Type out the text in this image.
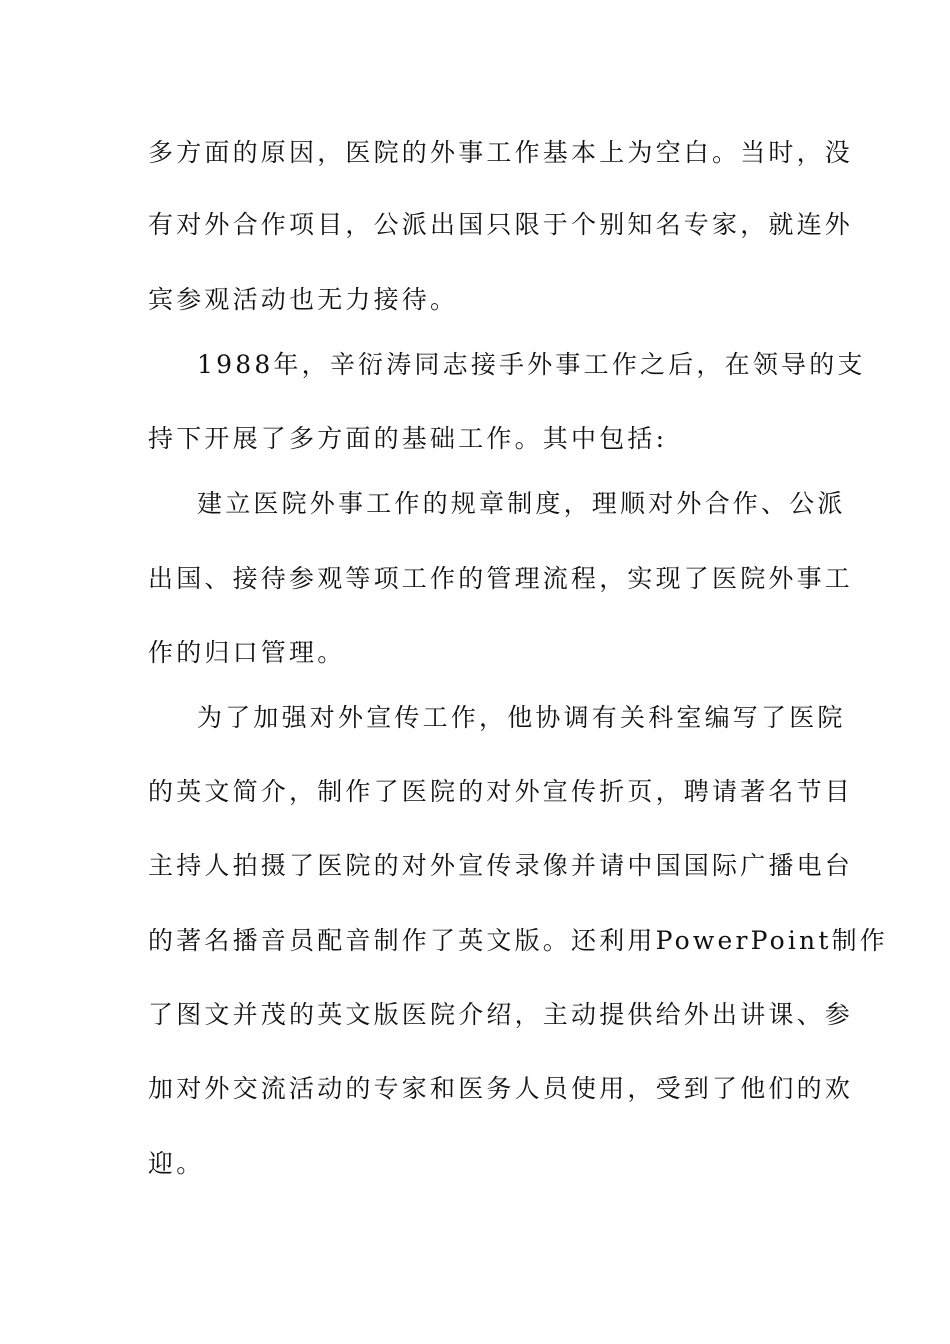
多方面的原因，医院的外事工作基本上为空白。当时，没
有对外合作项目，公派出国只限于个别知名专家，就连外
宾参观活动也无力接待。
1988年，辛衍涛同志接手外事工作之后，在领导的支
持下开展了多方面的基础工作。其中包括:
建立医院外事工作的规章制度，理顺对外合作、公派
出国、接待参观等项工作的管理流程，实现了医院外事工
作的归口管理。
为了加强对外宣传工作，他协调有关科室编写了医院
的英文简介，制作了医院的对外宣传折页，聘请著名节目
主持人拍摄了医院的对外宣传录像并请中国国际广播电台
的著名播音员配音制作了英文版。还利用PowerPoint制作
了图文并茂的英文版医院介绍，主动提供给外出讲课、参
加对外交流活动的专家和医务人员使用，受到了他们的欢
迎。
